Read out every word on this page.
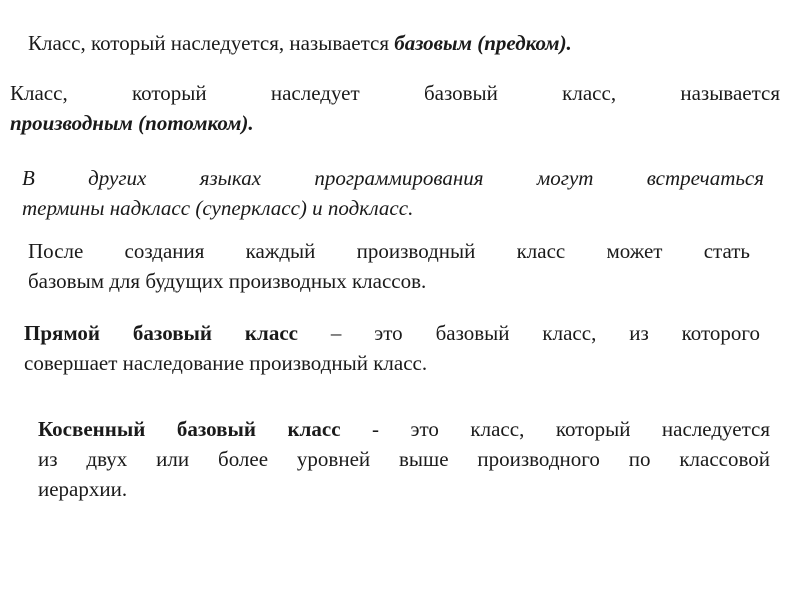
Класс, который наследуется, называется базовым (предком).
Класс, который наследует базовый класс, называется
производным (потомком).
В других языках программирования могут встречаться
термины надкласс (суперкласс) и подкласс.
После создания каждый производный класс может стать
базовым для будущих производных классов.
Прямой базовый класс – это базовый класс, из которого
совершает наследование производный класс.
Косвенный базовый класс - это класс, который наследуется
из двух или более уровней выше производного по классовой
иерархии.
